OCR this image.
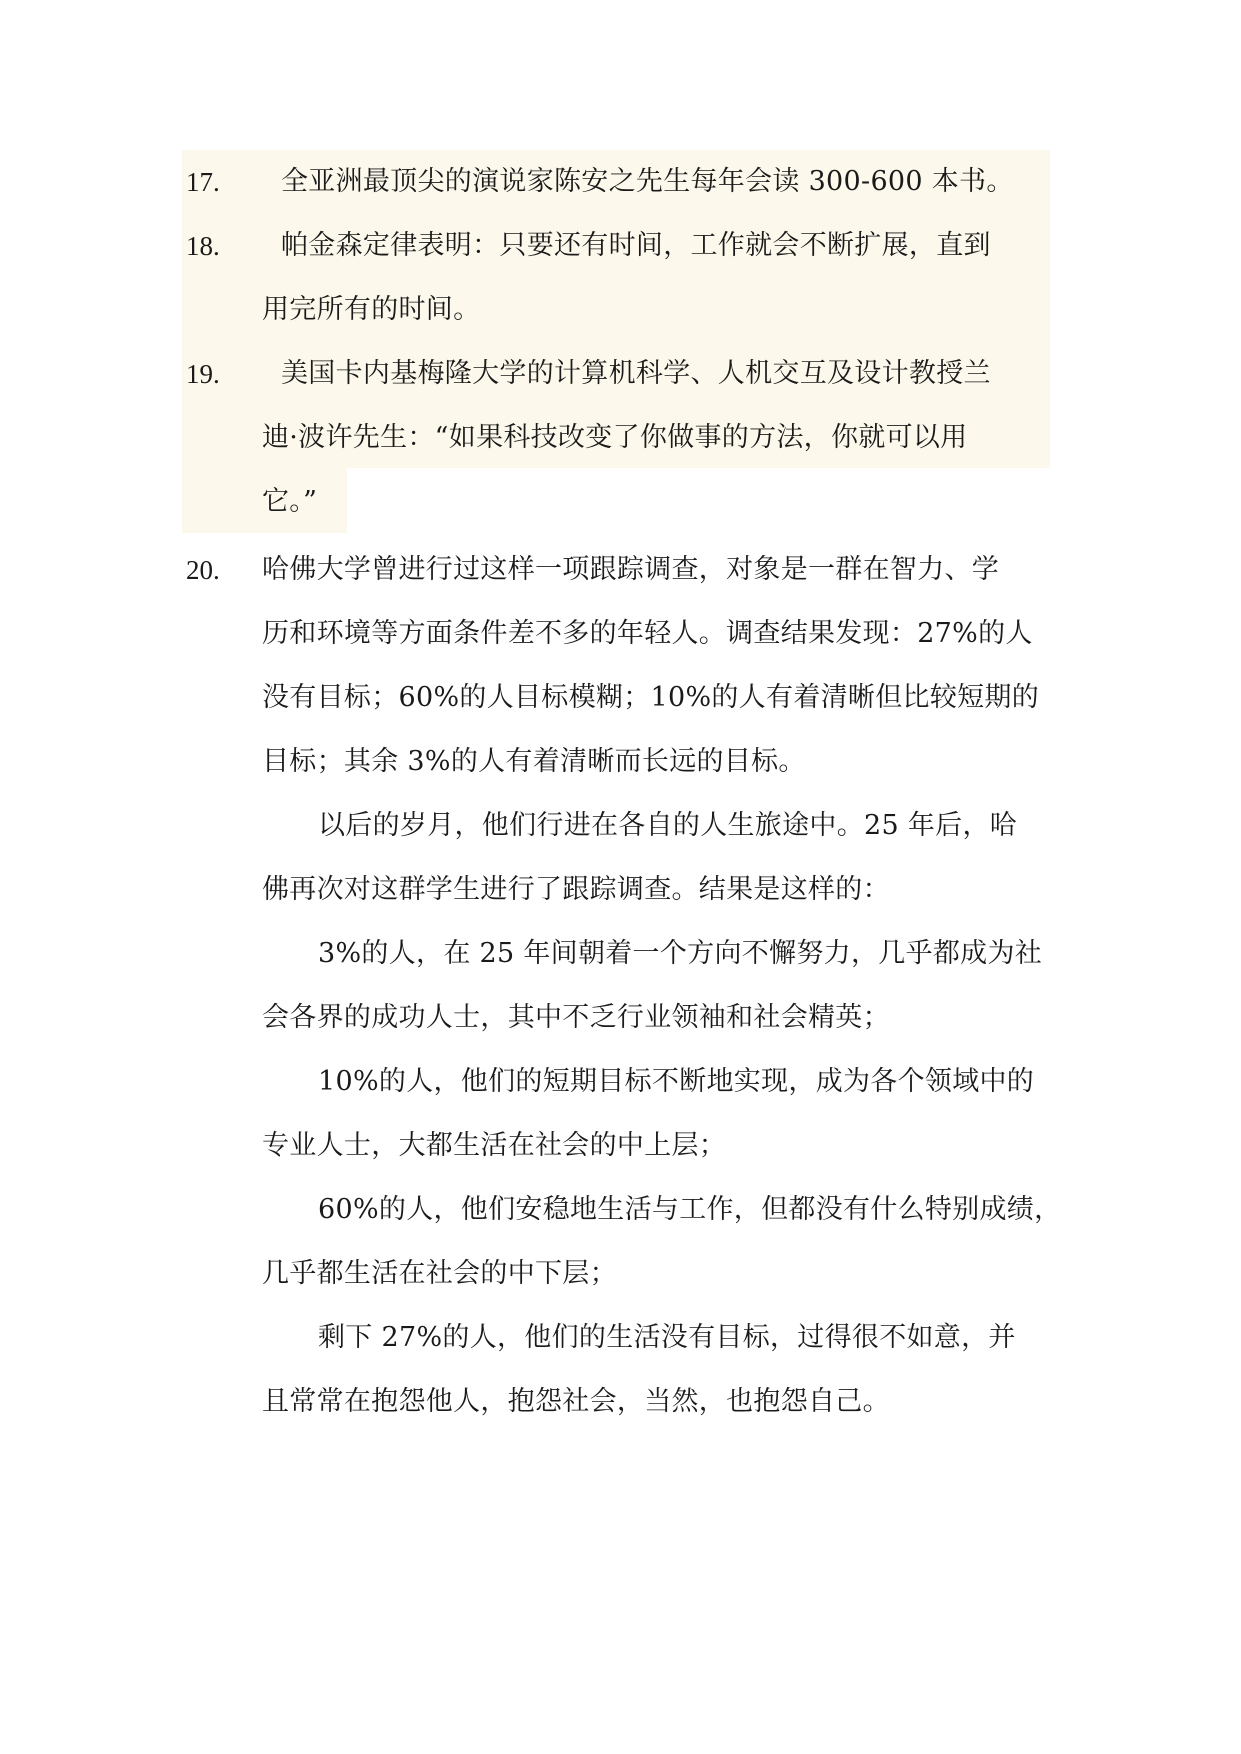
17. 全亚洲最顶尖的演说家陈安之先生每年会读 300-600 本书。
18. 帕金森定律表明：只要还有时间，工作就会不断扩展，直到
用完所有的时间。
19. 美国卡内基梅隆大学的计算机科学、人机交互及设计教授兰
迪·波许先生：“如果科技改变了你做事的方法，你就可以用
它。”
20. 哈佛大学曾进行过这样一项跟踪调查，对象是一群在智力、学
历和环境等方面条件差不多的年轻人。调查结果发现：27%的人
没有目标；60%的人目标模糊；10%的人有着清晰但比较短期的
目标；其余 3%的人有着清晰而长远的目标。
以后的岁月，他们行进在各自的人生旅途中。25 年后，哈
佛再次对这群学生进行了跟踪调查。结果是这样的：
3%的人，在 25 年间朝着一个方向不懈努力，几乎都成为社
会各界的成功人士，其中不乏行业领袖和社会精英；
10%的人，他们的短期目标不断地实现，成为各个领域中的
专业人士，大都生活在社会的中上层；
60%的人，他们安稳地生活与工作，但都没有什么特别成绩，
几乎都生活在社会的中下层；
剩下 27%的人，他们的生活没有目标，过得很不如意，并
且常常在抱怨他人，抱怨社会，当然，也抱怨自己。
